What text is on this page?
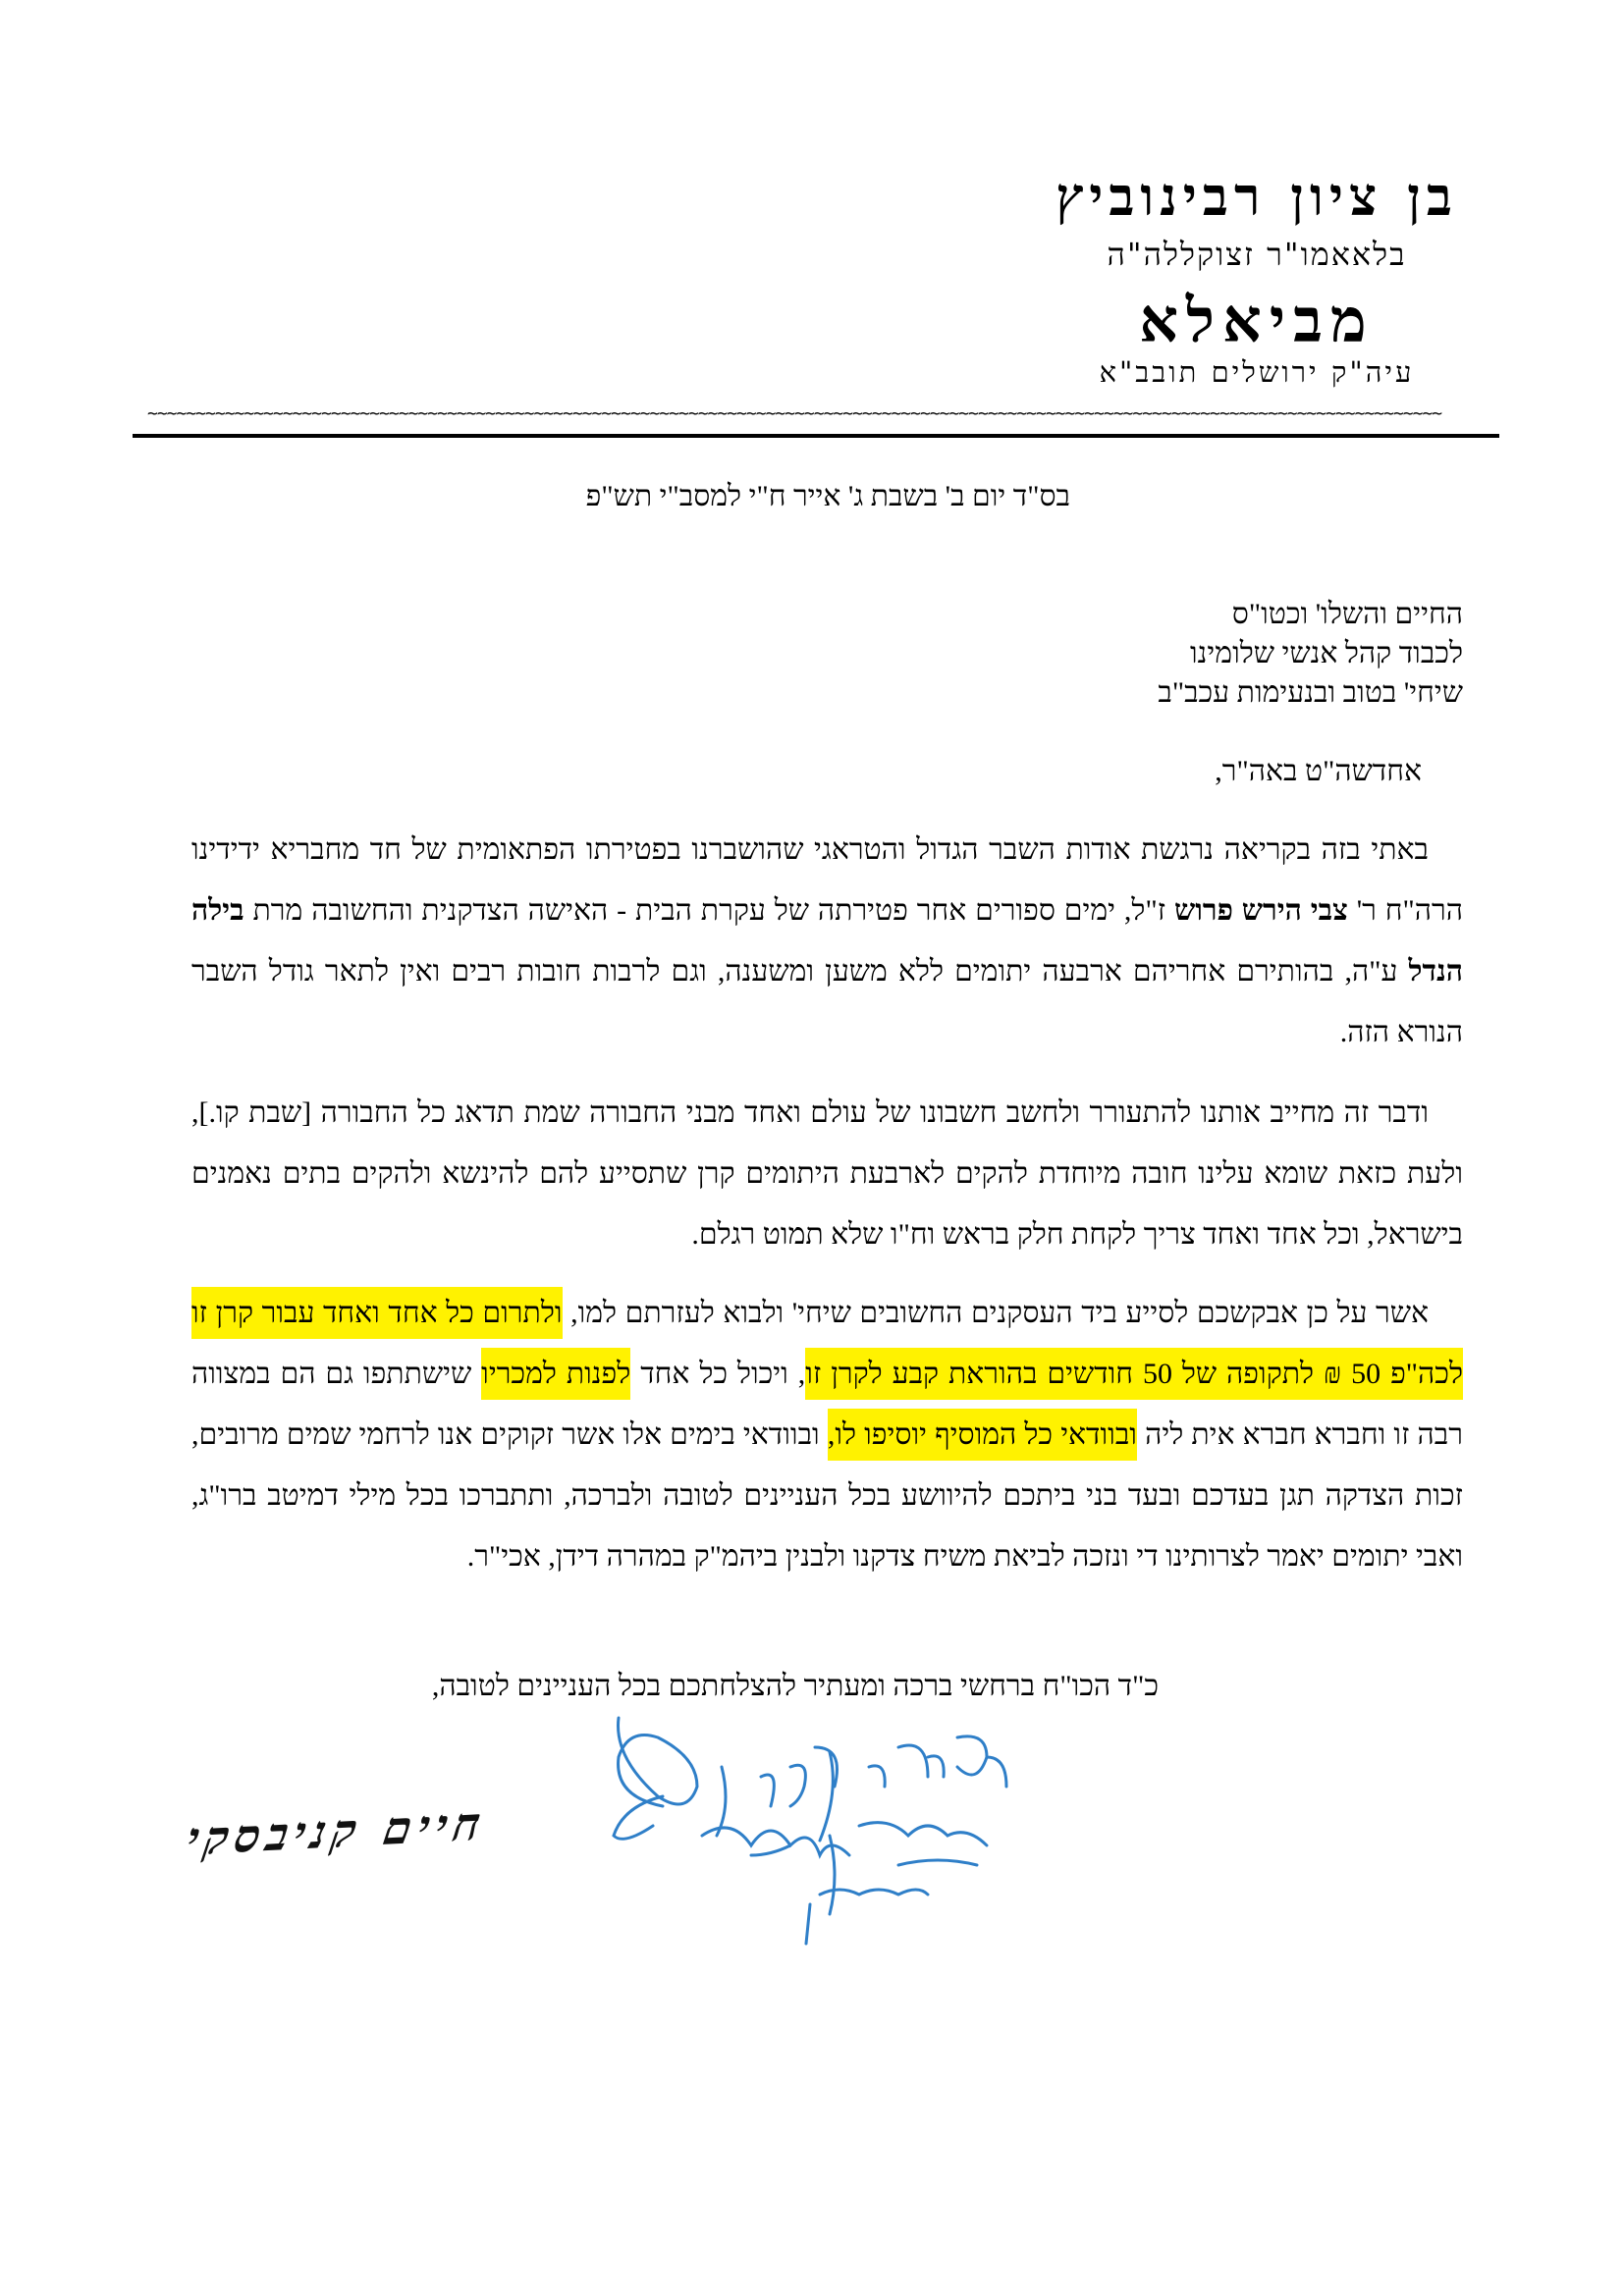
בן ציון רבינוביץ
בלאאמו"ר זצוקללה"ה
מביאלא
עיה"ק ירושלים תובב"א
~~~~~~~~~~~~~~~~~~~~~~~~~~~~~~~~~~~~~~~~~~~~~~~~~~~~~~~~~~~~~~~~~~~~~~~~~~~~~~~~~~~~~~~~~~~~~~~~~~~~~~~~~~~~~~~~~~~~~~~~~~~~~~~~~~~~~~
בס"ד יום ב' בשבת ג' אייר ח"י למסב"י תש"פ
החיים והשלו' וכטו"ס
לכבוד קהל אנשי שלומינו
שיחי' בטוב ובנעימות עכב"ב
אחדשה"ט באה"ר,
באתי בזה בקריאה נרגשת אודות השבר הגדול והטראגי שהושברנו בפטירתו הפתאומית של חד מחבריא ידידינו
הרה"ח ר' צבי הירש פרוש ז"ל, ימים ספורים אחר פטירתה של עקרת הבית - האישה הצדקנית והחשובה מרת בילה
הנדל ע"ה, בהותירם אחריהם ארבעה יתומים ללא משען ומשענה, וגם לרבות חובות רבים ואין לתאר גודל השבר
הנורא הזה.
ודבר זה מחייב אותנו להתעורר ולחשב חשבונו של עולם ואחד מבני החבורה שמת תדאג כל החבורה [שבת קו.],
ולעת כזאת שומא עלינו חובה מיוחדת להקים לארבעת היתומים קרן שתסייע להם להינשא ולהקים בתים נאמנים
בישראל, וכל אחד ואחד צריך לקחת חלק בראש וח"ו שלא תמוט רגלם.
אשר על כן אבקשכם לסייע ביד העסקנים החשובים שיחי' ולבוא לעזרתם למו, ולתרום כל אחד ואחד עבור קרן זו
לכה"פ 50 ₪ לתקופה של 50 חודשים בהוראת קבע לקרן זו, ויכול כל אחד לפנות למכריו שישתתפו גם הם במצווה
רבה זו וחברא חברא אית ליה ובוודאי כל המוסיף יוסיפו לו, ובוודאי בימים אלו אשר זקוקים אנו לרחמי שמים מרובים,
זכות הצדקה תגן בעדכם ובעד בני ביתכם להיוושע בכל העניינים לטובה ולברכה, ותתברכו בכל מילי דמיטב ברו"ג,
ואבי יתומים יאמר לצרותינו די ונזכה לביאת משיח צדקנו ולבנין ביהמ"ק במהרה דידן, אכי"ר.
כ"ד הכו"ח ברחשי ברכה ומעתיר להצלחתכם בכל העניינים לטובה,
חיים קניבסקי
